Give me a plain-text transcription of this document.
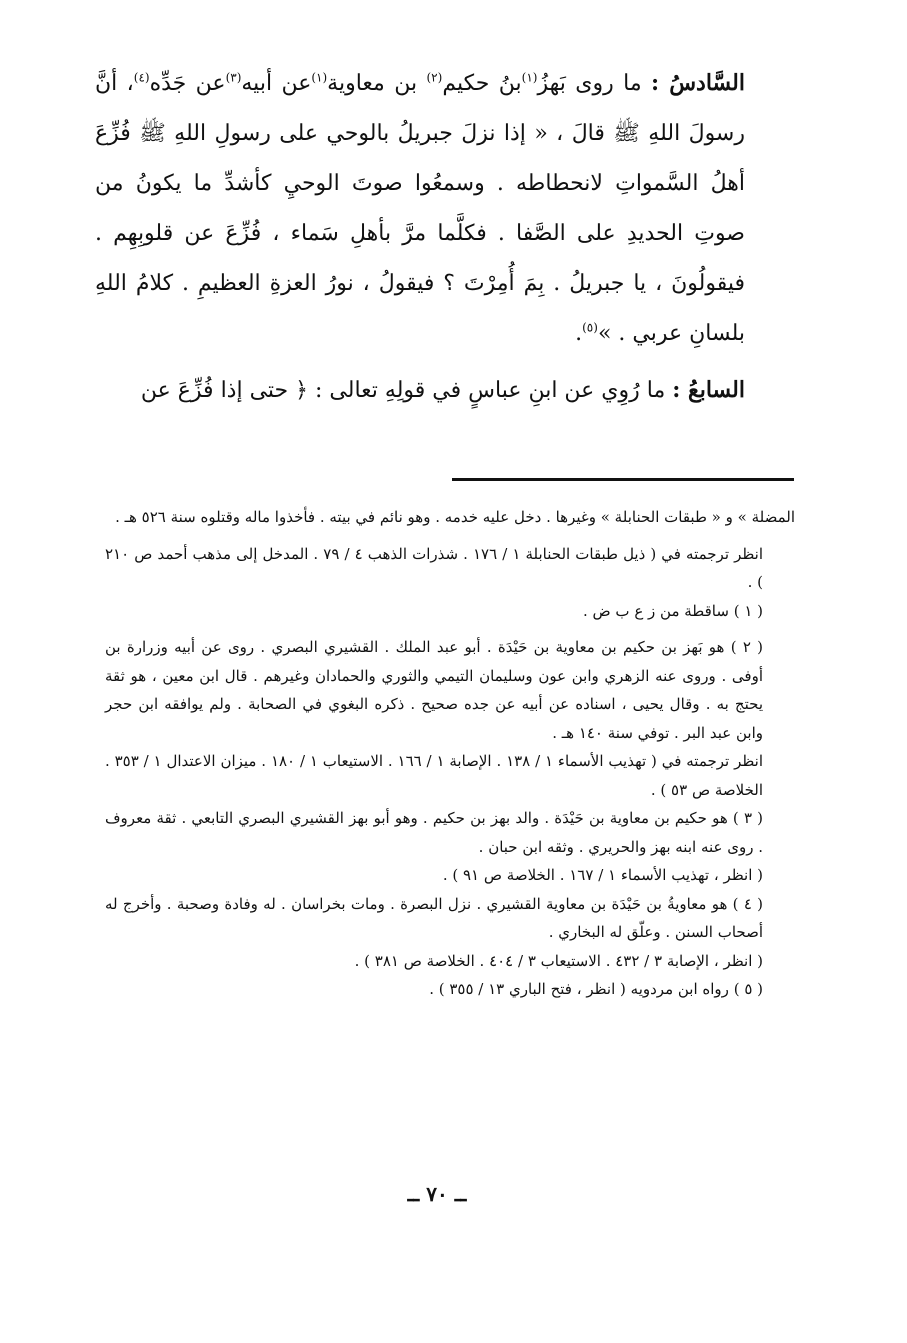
السَّادسُ : ما روى بَهزُ$^{(١)}$بنُ حكيم$^{(٢)}$ بن معاوية$^{(١)}$عن أبيه$^{(٣)}$عن جَدِّه$^{(٤)}$، أنَّ رسولَ اللهِ ﷺ قالَ ، « إذا نزلَ جبريلُ بالوحي على رسولِ اللهِ ﷺ فُزِّعَ أهلُ السَّمواتِ لانحطاطه . وسمعُوا صوتَ الوحيِ كأشدِّ ما يكونُ من صوتِ الحديدِ على الصَّفا . فكلَّما مرَّ بأهلِ سَماء ، فُزِّعَ عن قلوبِهِم . فيقولُونَ ، يا جبريلُ . بِمَ أُمِرْتَ ؟ فيقولُ ، نورُ العزةِ العظيمِ . كلامُ اللهِ بلسانِ عربي . »$^{(٥)}$.

السابعُ : ما رُوِي عن ابنِ عباسٍ في قولِهِ تعالى : ﴿ حتى إذا فُزِّعَ عن

المضلة » و « طبقات الحنابلة » وغيرها . دخل عليه خدمه . وهو نائم في بيته . فأخذوا ماله وقتلوه سنة ٥٢٦ هـ .

انظر ترجمته في ( ذيل طبقات الحنابلة ١ / ١٧٦ . شذرات الذهب ٤ / ٧٩ . المدخل إلى مذهب أحمد ص ٢١٠ ) .

( ١ ) ساقطة من ز ع ب ض .

( ٢ ) هو بَهز بن حكيم بن معاوية بن حَيْدَة . أبو عبد الملك . القشيري البصري . روى عن أبيه وزرارة بن أوفى . وروى عنه الزهري وابن عون وسليمان التيمي والثوري والحمادان وغيرهم . قال ابن معين ، هو ثقة يحتج به . وقال يحيى ، اسناده عن أبيه عن جده صحيح . ذكره البغوي في الصحابة . ولم يوافقه ابن حجر وابن عبد البر . توفي سنة ١٤٠ هـ .

انظر ترجمته في ( تهذيب الأسماء ١ / ١٣٨ . الإصابة ١ / ١٦٦ . الاستيعاب ١ / ١٨٠ . ميزان الاعتدال ١ / ٣٥٣ . الخلاصة ص ٥٣ ) .

( ٣ ) هو حكيم بن معاوية بن حَيْدَة . والد بهز بن حكيم . وهو أبو بهز القشيري البصري التابعي . ثقة معروف . روى عنه ابنه بهز والحريري . وثقه ابن حبان .

( انظر ، تهذيب الأسماء ١ / ١٦٧ . الخلاصة ص ٩١ ) .

( ٤ ) هو معاويةُ بن حَيْدَة بن معاوية القشيري . نزل البصرة . ومات بخراسان . له وفادة وصحبة . وأخرج له أصحاب السنن . وعلّق له البخاري .

( انظر ، الإصابة ٣ / ٤٣٢ . الاستيعاب ٣ / ٤٠٤ . الخلاصة ص ٣٨١ ) .

( ٥ ) رواه ابن مردويه ( انظر ، فتح الباري ١٣ / ٣٥٥ ) .

ــ ٧٠ ــ
